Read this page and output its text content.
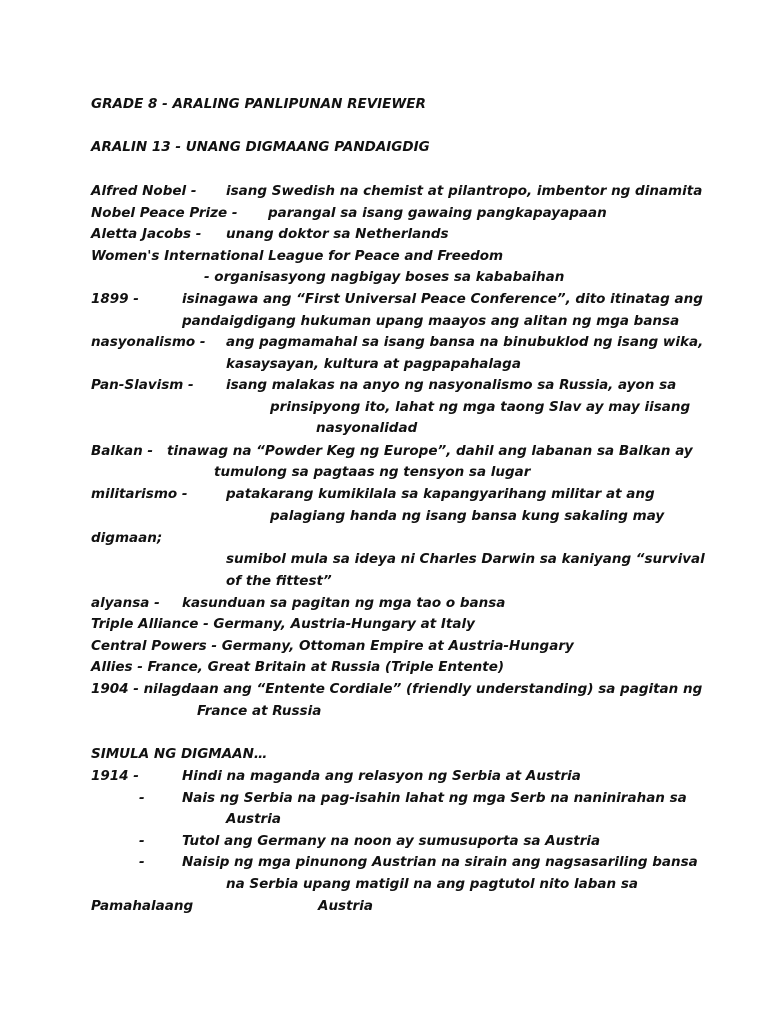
GRADE 8 - ARALING PANLIPUNAN REVIEWER
ARALIN 13 - UNANG DIGMAANG PANDAIGDIG
Alfred Nobel - isang Swedish na chemist at pilantropo, imbentor ng dinamita
Nobel Peace Prize - parangal sa isang gawaing pangkapayapaan
Aletta Jacobs - unang doktor sa Netherlands
Women's International League for Peace and Freedom
- organisasyong nagbigay boses sa kababaihan
1899 -	isinagawa ang “First Universal Peace Conference”, dito itinatag ang
pandaigdigang hukuman upang maayos ang alitan ng mga bansa
nasyonalismo - ang pagmamahal sa isang bansa na binubuklod ng isang wika,
kasaysayan, kultura at pagpapahalaga
Pan-Slavism - isang malakas na anyo ng nasyonalismo sa Russia, ayon sa
prinsipyong ito, lahat ng mga taong Slav ay may iisang
nasyonalidad
Balkan - tinawag na “Powder Keg ng Europe”, dahil ang labanan sa Balkan ay
tumulong sa pagtaas ng tensyon sa lugar
militarismo -	patakarang kumikilala sa kapangyarihang militar at ang
palagiang handa ng isang bansa kung sakaling may
digmaan;
sumibol mula sa ideya ni Charles Darwin sa kaniyang “survival
of the fittest”
alyansa - kasunduan sa pagitan ng mga tao o bansa
Triple Alliance - Germany, Austria-Hungary at Italy
Central Powers - Germany, Ottoman Empire at Austria-Hungary
Allies - France, Great Britain at Russia (Triple Entente)
1904 - nilagdaan ang “Entente Cordiale” (friendly understanding) sa pagitan ng
France at Russia
SIMULA NG DIGMAAN…
1914 -	Hindi na maganda ang relasyon ng Serbia at Austria
-	Nais ng Serbia na pag-isahin lahat ng mga Serb na naninirahan sa
Austria
-	Tutol ang Germany na noon ay sumusuporta sa Austria
-	Naisip ng mga pinunong Austrian na sirain ang nagsasariling bansa
na Serbia upang matigil na ang pagtutol nito laban sa
Pamahalaang	Austria
